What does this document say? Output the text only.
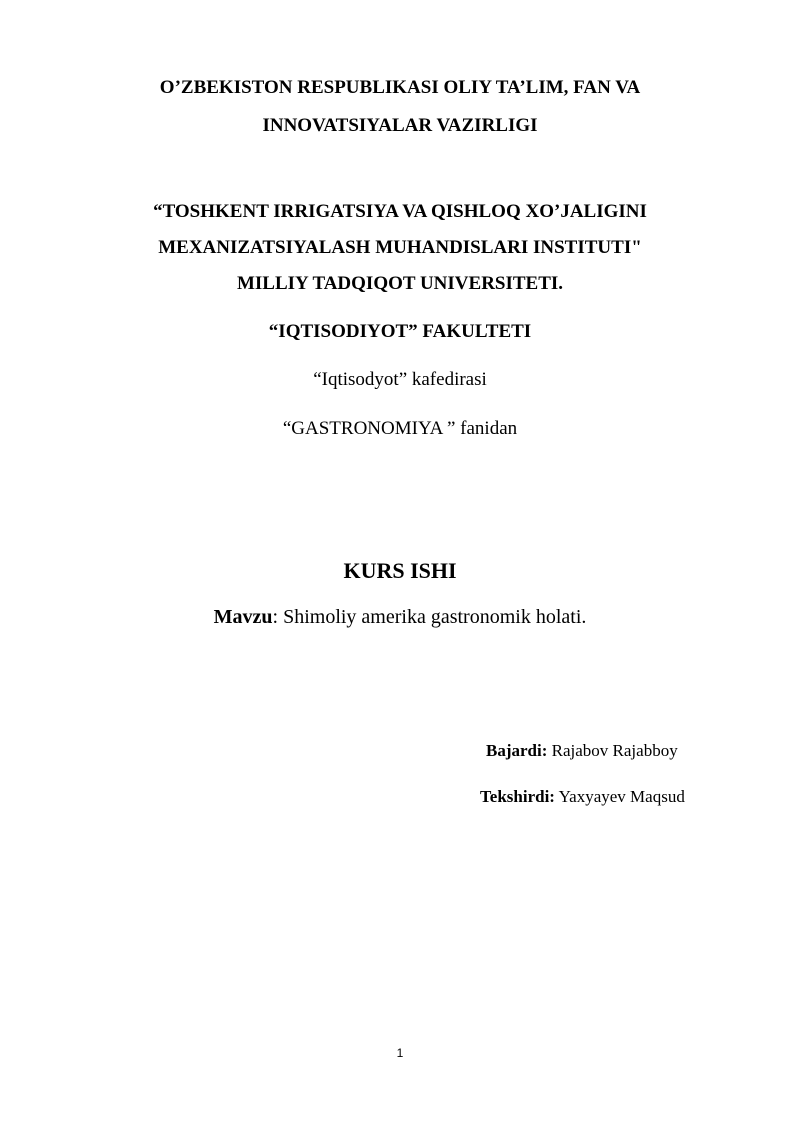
O’ZBEKISTON RESPUBLIKASI OLIY TA’LIM, FAN VA
INNOVATSIYALAR VAZIRLIGI
“TOSHKENT IRRIGATSIYA VA QISHLOQ XO’JALIGINI
MEXANIZATSIYALASH MUHANDISLARI INSTITUTI"
MILLIY TADQIQOT UNIVERSITETI.
“IQTISODIYOT” FAKULTETI
“Iqtisodyot” kafedirasi
“GASTRONOMIYA ” fanidan
KURS ISHI
Mavzu: Shimoliy amerika gastronomik holati.
Bajardi: Rajabov Rajabboy
Tekshirdi: Yaxyayev Maqsud
1
